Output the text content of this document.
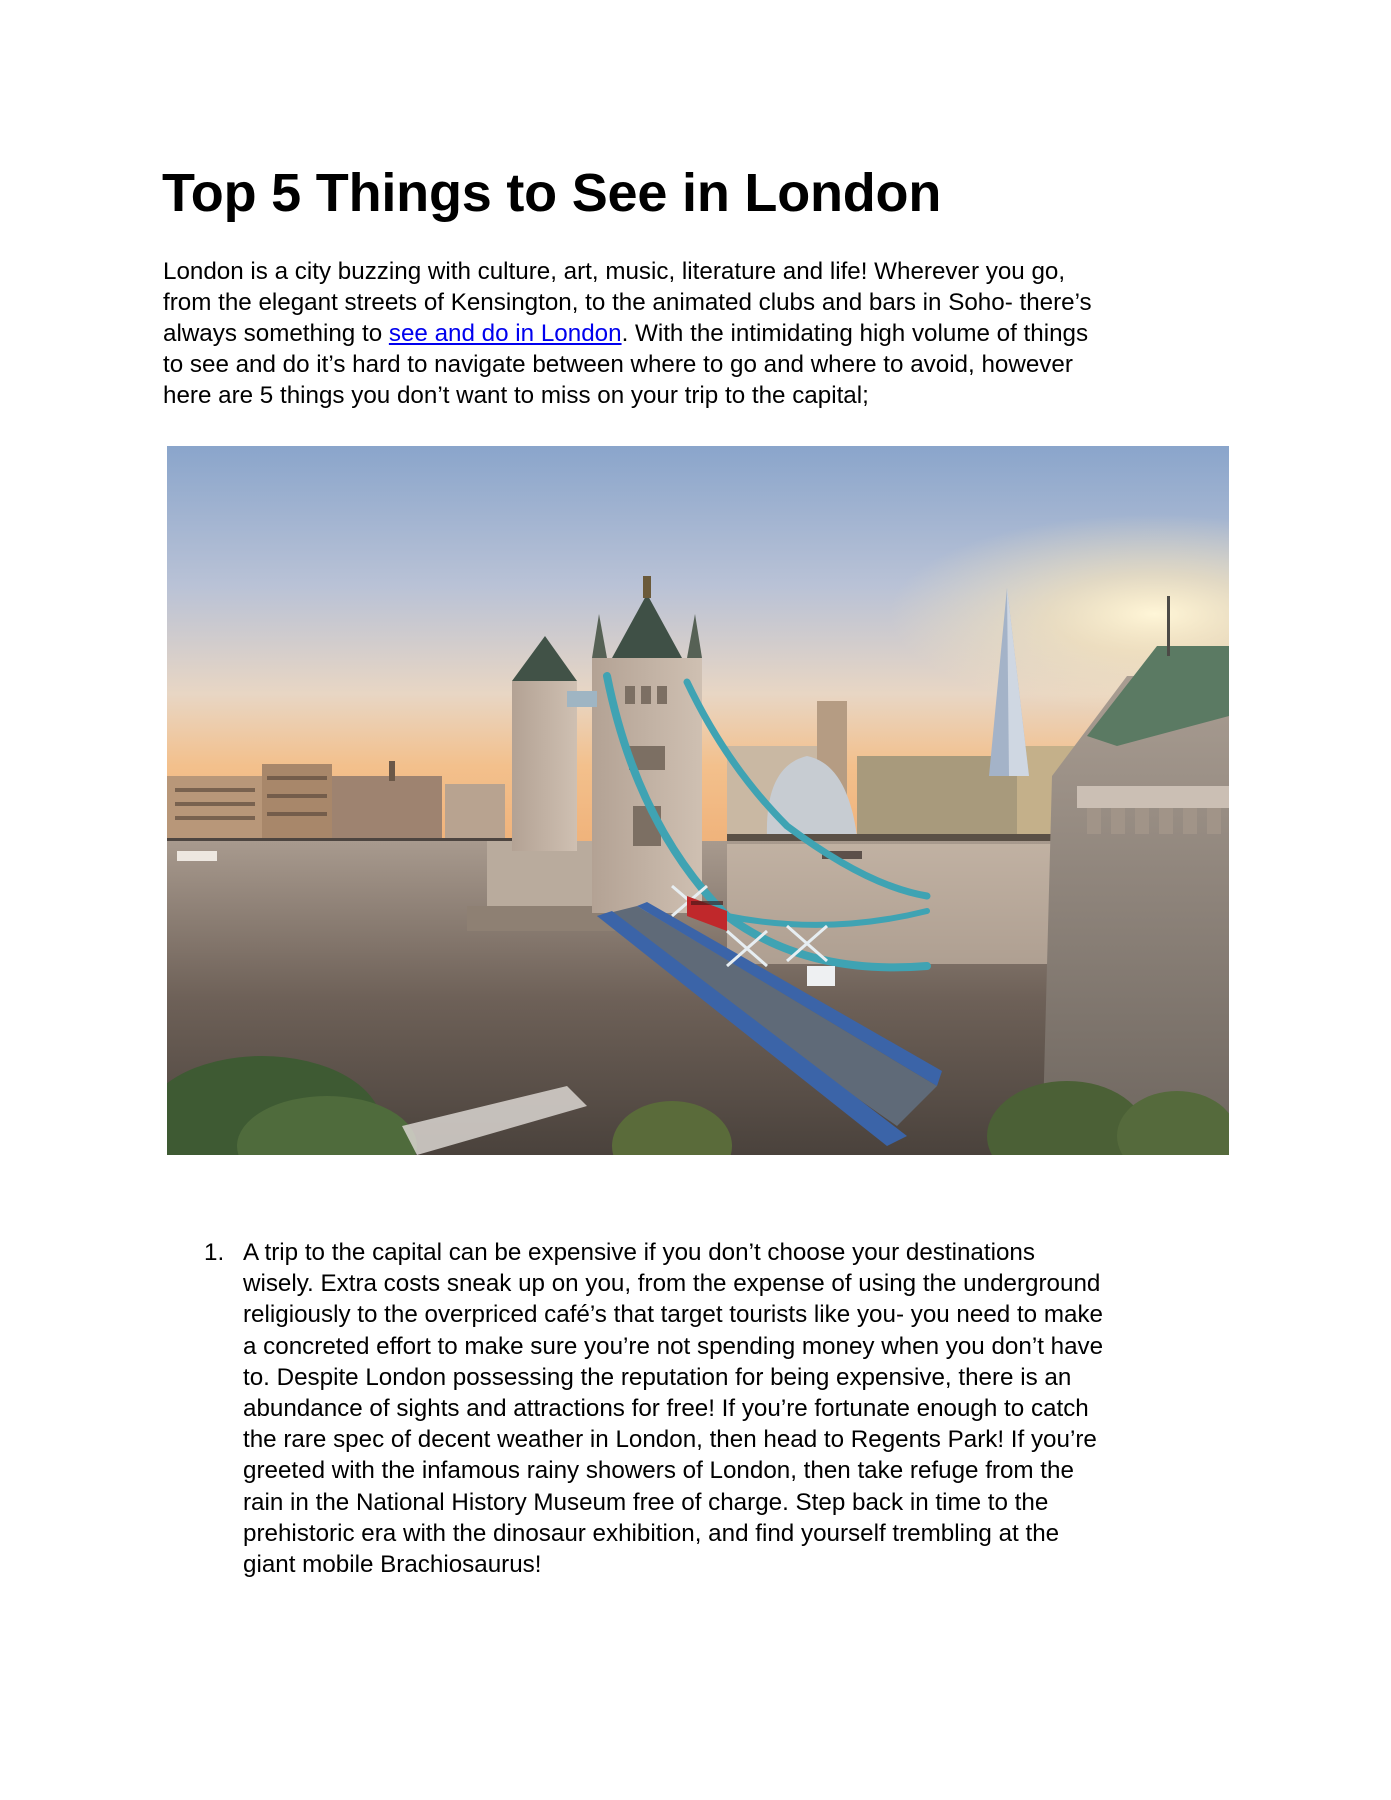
Top 5 Things to See in London

London is a city buzzing with culture, art, music, literature and life! Wherever you go,
from the elegant streets of Kensington, to the animated clubs and bars in Soho- there’s
always something to see and do in London. With the intimidating high volume of things
to see and do it’s hard to navigate between where to go and where to avoid, however
here are 5 things you don’t want to miss on your trip to the capital;

1. A trip to the capital can be expensive if you don’t choose your destinations
wisely. Extra costs sneak up on you, from the expense of using the underground
religiously to the overpriced café’s that target tourists like you- you need to make
a concreted effort to make sure you’re not spending money when you don’t have
to. Despite London possessing the reputation for being expensive, there is an
abundance of sights and attractions for free! If you’re fortunate enough to catch
the rare spec of decent weather in London, then head to Regents Park! If you’re
greeted with the infamous rainy showers of London, then take refuge from the
rain in the National History Museum free of charge. Step back in time to the
prehistoric era with the dinosaur exhibition, and find yourself trembling at the
giant mobile Brachiosaurus!
